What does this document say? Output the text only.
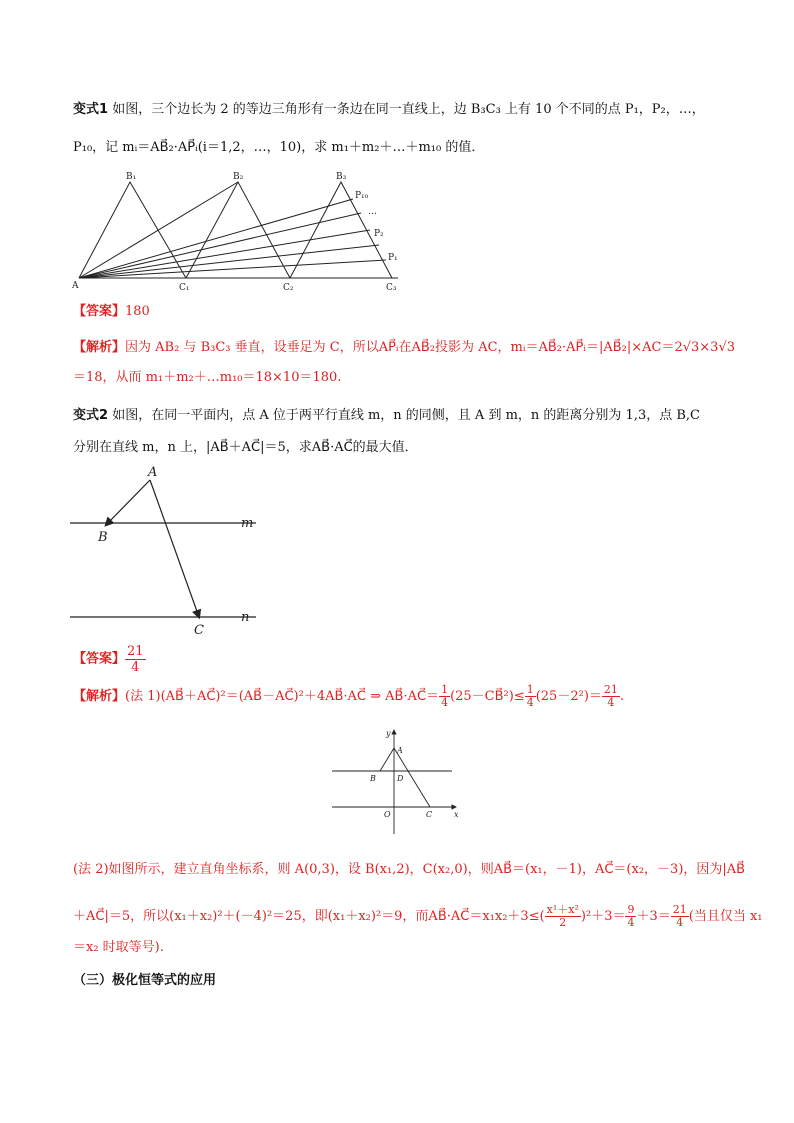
变式1 如图，三个边长为 2 的等边三角形有一条边在同一直线上，边 B₃C₃ 上有 10 个不同的点 P₁，P₂，…，
P₁₀，记 mᵢ＝AB⃗₂·AP⃗ᵢ(i＝1,2，…，10)，求 m₁＋m₂＋…＋m₁₀ 的值．
A
B₁	B₂	B₃
C₁	C₂	C₃
P₁₀
…
P₂
P₁
【答案】180
【解析】因为 AB₂ 与 B₃C₃ 垂直，设垂足为 C，所以AP⃗ᵢ在AB⃗₂投影为 AC，mᵢ＝AB⃗₂·AP⃗ᵢ＝|AB⃗₂|×AC＝2√3×3√3
＝18，从而 m₁＋m₂＋…m₁₀＝18×10＝180.
变式2 如图，在同一平面内，点 A 位于两平行直线 m，n 的同侧，且 A 到 m，n 的距离分别为 1,3，点 B,C
分别在直线 m，n 上，|AB⃗＋AC⃗|＝5，求AB⃗·AC⃗的最大值．
A
B
C
m
n
【答案】 $\frac{21}{4}$
【解析】(法 1)(AB⃗＋AC⃗)²＝(AB⃗－AC⃗)²＋4AB⃗·AC⃗ ⇒ AB⃗·AC⃗＝ $\frac{1}{4}$ (25－CB⃗²)≤ $\frac{1}{4} (25-2^2)= \frac{21}{4}$ .
y
A
B	D
O	C	x
(法 2)如图所示，建立直角坐标系，则 A(0,3)，设 B(x₁,2)，C(x₂,0)，则AB⃗＝(x₁，－1)，AC⃗＝(x₂，－3)，因为|AB⃗
＋AC⃗|＝5，所以(x₁＋x₂)²＋(－4)²＝25，即(x₁＋x₂)²＝9，而AB⃗·AC⃗＝x₁x₂＋3≤( $\frac{\text{x¹＋x²}}{2} )^2+3= \frac{9}{4} +3= \frac{21}{4}$ (当且仅当 x₁
＝x₂ 时取等号).
（三）极化恒等式的应用
